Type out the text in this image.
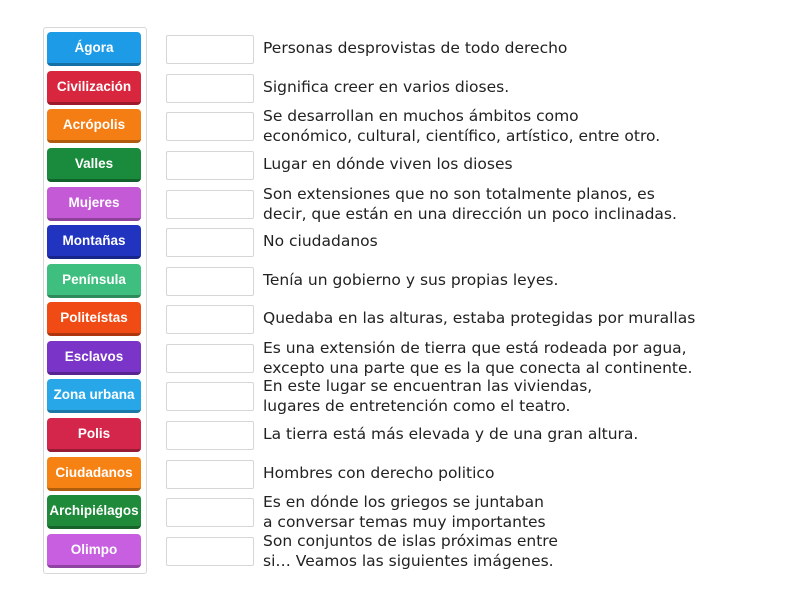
Ágora
Civilización
Acrópolis
Valles
Mujeres
Montañas
Península
Politeístas
Esclavos
Zona urbana
Polis
Ciudadanos
Archipiélagos
Olimpo
Personas desprovistas de todo derecho
Significa creer en varios dioses.
Se desarrollan en muchos ámbitos como
económico, cultural, científico, artístico, entre otro.
Lugar en dónde viven los dioses
Son extensiones que no son totalmente planos, es
decir, que están en una dirección un poco inclinadas.
No ciudadanos
Tenía un gobierno y sus propias leyes.
Quedaba en las alturas, estaba protegidas por murallas
Es una extensión de tierra que está rodeada por agua,
excepto una parte que es la que conecta al continente.
En este lugar se encuentran las viviendas,
lugares de entretención como el teatro.
La tierra está más elevada y de una gran altura.
Hombres con derecho politico
Es en dónde los griegos se juntaban
a conversar temas muy importantes
Son conjuntos de islas próximas entre
si… Veamos las siguientes imágenes.
